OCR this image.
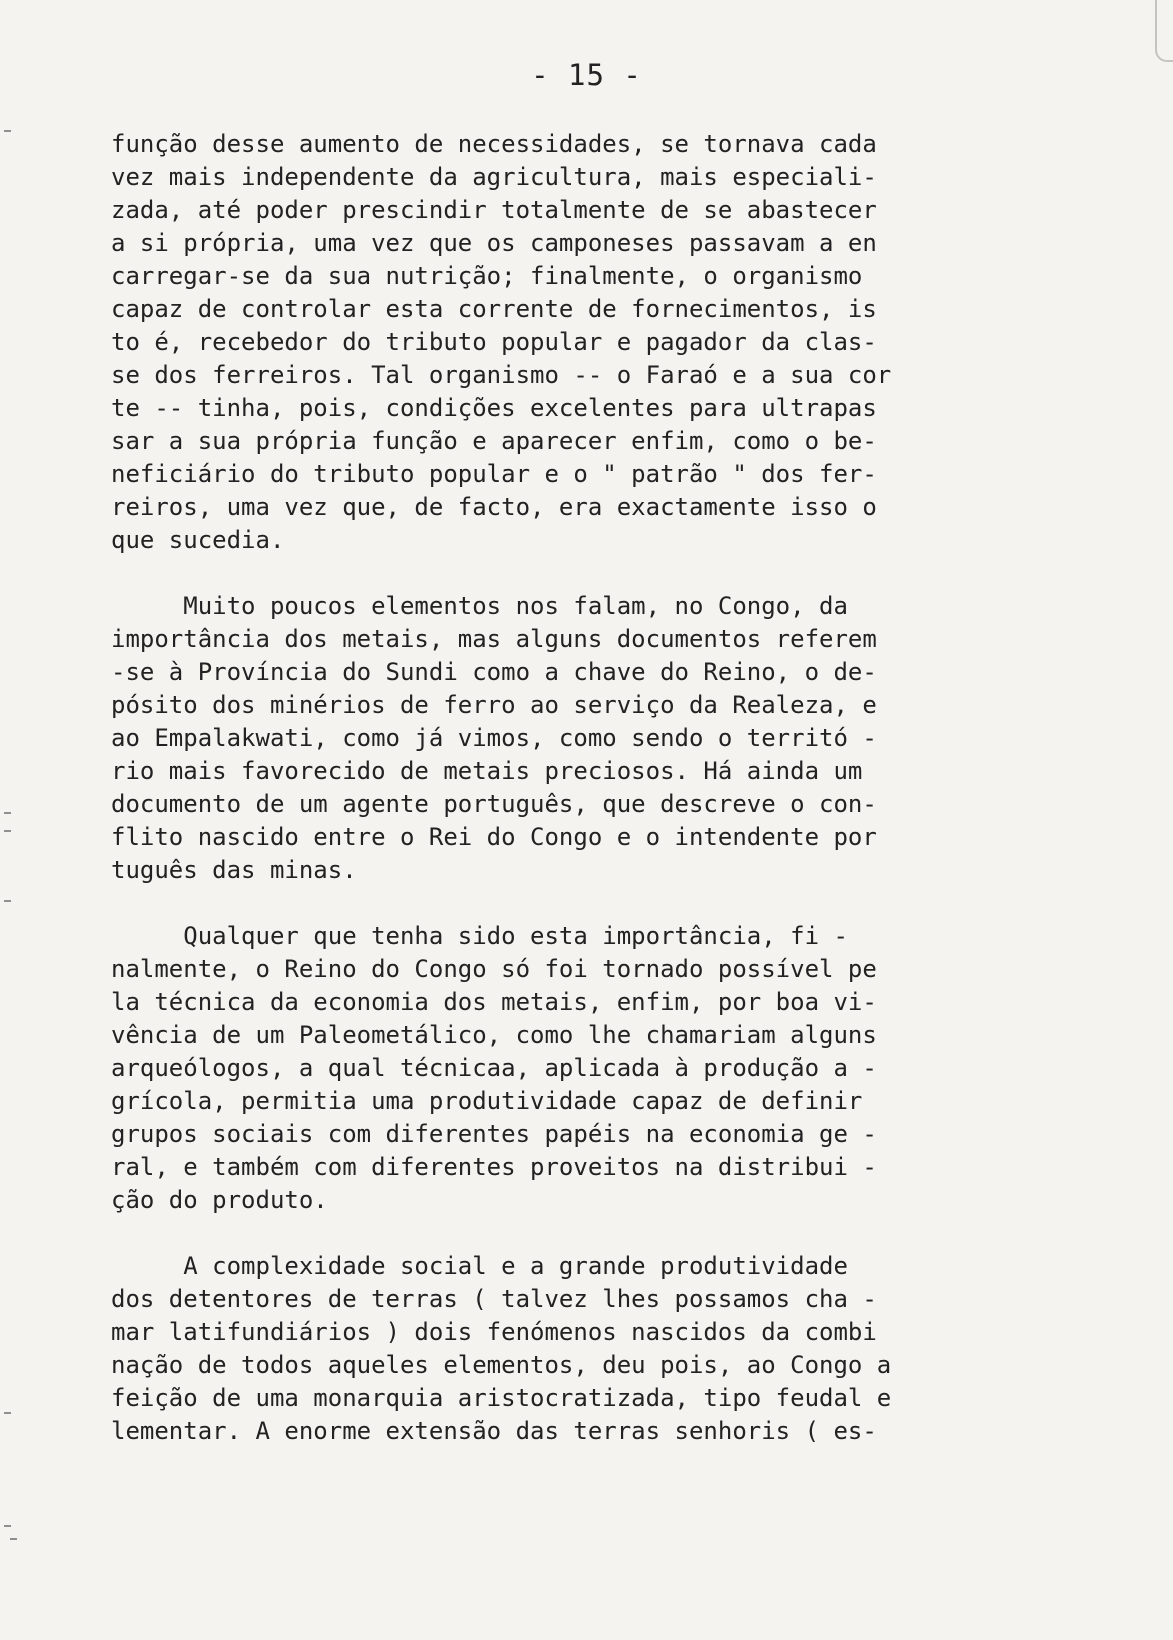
- 15 -
função desse aumento de necessidades, se tornava cada
vez mais independente da agricultura, mais especiali-
zada, até poder prescindir totalmente de se abastecer
a si própria, uma vez que os camponeses passavam a en
carregar-se da sua nutrição; finalmente, o organismo
capaz de controlar esta corrente de fornecimentos, is
to é, recebedor do tributo popular e pagador da clas-
se dos ferreiros. Tal organismo -- o Faraó e a sua cor
te -- tinha, pois, condições excelentes para ultrapas
sar a sua própria função e aparecer enfim, como o be-
neficiário do tributo popular e o " patrão " dos fer-
reiros, uma vez que, de facto, era exactamente isso o
que sucedia.
Muito poucos elementos nos falam, no Congo, da
importância dos metais, mas alguns documentos referem
-se à Província do Sundi como a chave do Reino, o de-
pósito dos minérios de ferro ao serviço da Realeza, e
ao Empalakwati, como já vimos, como sendo o territó -
rio mais favorecido de metais preciosos. Há ainda um
documento de um agente português, que descreve o con-
flito nascido entre o Rei do Congo e o intendente por
tuguês das minas.
Qualquer que tenha sido esta importância, fi -
nalmente, o Reino do Congo só foi tornado possível pe
la técnica da economia dos metais, enfim, por boa vi-
vência de um Paleometálico, como lhe chamariam alguns
arqueólogos, a qual técnicaa, aplicada à produção a -
grícola, permitia uma produtividade capaz de definir
grupos sociais com diferentes papéis na economia ge -
ral, e também com diferentes proveitos na distribui -
ção do produto.
A complexidade social e a grande produtividade
dos detentores de terras ( talvez lhes possamos cha -
mar latifundiários ) dois fenómenos nascidos da combi
nação de todos aqueles elementos, deu pois, ao Congo a
feição de uma monarquia aristocratizada, tipo feudal e
lementar. A enorme extensão das terras senhoris ( es-
